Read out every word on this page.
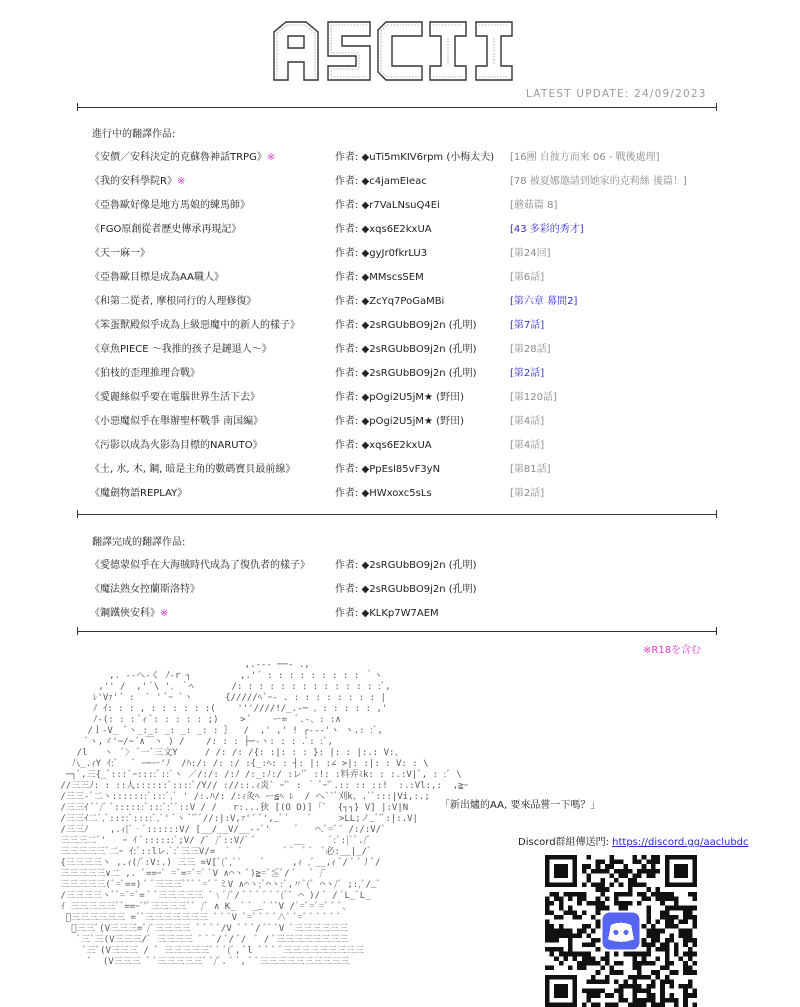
LATEST UPDATE: 24/09/2023
進行中的翻譯作品:
《安價／安科決定的克蘇魯神話TRPG》※	作者: ◆uTi5mKIV6rpm (小梅太夫) [16團 自彼方而來 06 - 戰後處理]
《我的安科學院R》※	作者: ◆c4jamEIeac	[78 被夏娜邀請到她家的克莉絲 後篇！]
《亞魯歐好像是地方馬娘的練馬師》	作者: ◆r7VaLNsuQ4Ei	[蘑菇篇 8]
《FGO原創從者歷史傳承再現記》	作者: ◆xqs6E2kxUA	[43 多彩的秀才]
《天一麻一》	作者: ◆gyJr0fkrLU3	[第24回]
《亞魯歐目標是成為AA職人》	作者: ◆MMscsSEM	[第6話]
《和第二從者, 摩根同行的人理修復》	作者: ◆ZcYq7PoGaMBi	[第六章 幕間2]
《笨蛋獸殿似乎成為上級惡魔中的新人的樣子》	作者: ◆2sRGUbBO9j2n (孔明)	[第7話]
《章魚PIECE ～我推的孩子是鏈退人～》	作者: ◆2sRGUbBO9j2n (孔明)	[第28話]
《狛枝的歪理推理合戰》	作者: ◆2sRGUbBO9j2n (孔明)	[第2話]
《愛麗絲似乎要在電腦世界生活下去》	作者: ◆pOgi2U5jM★ (野田)	[第120話]
《小惡魔似乎在舉辦聖杯戰爭 南国編》	作者: ◆pOgi2U5jM★ (野田)	[第4話]
《污影以成為火影為目標的NARUTO》	作者: ◆xqs6E2kxUA	[第4話]
《土, 水, 木, 鋼, 暗是主角的數碼寶貝最前線》	作者: ◆PpEsl85vF3yN	[第81話]
《魔劍物語REPLAY》	作者: ◆HWxoxc5sLs	[第2話]
翻譯完成的翻譯作品:
《愛德蒙似乎在大海賊時代成為了復仇者的樣子》	作者: ◆2sRGUbBO9j2n (孔明)
《魔法熟女控蘭斯洛特》	作者: ◆2sRGUbBO9j2n (孔明)
《鋼鐵俠安科》※	作者: ◆KLKp7W7AEM
※R18を含む
,.-‐- ──- .,
,. -‐ヘ-く ﾉ-r ┐         ,.'´ : : : : : : : : : ｀ヽ
,'' /  ,' ﾞ\ '､ ｀ﾍ       /: : : : : : : : : : : : : :ﾞ,
ﾚ'Vｧ'´ :  ` ' ﾞｰ `ヽ      {/////ﾍ`ｰ- . : : : : : : : : |
ﾉ ｲ: : : , : : : : : :(    '''////!/_.-─ 、: : : : : ,'
ﾉ-(: : : ﾞｨ ﾞ: : : : : ;)    >´    ー=  ﾞ.‐、: :∧
/ｌ-V_ ﾞヽ_:_: _: _: _: : ｝  /  ,' ,' ! ┌--‐'ヽ ヽ.: :ﾞ,
ﾞヽ,ゞ'~/~´∧￣ヽ ) /    /: : : ├─-ヽ: : : .ﾞ: :ﾞ,
/l   ヽ  ﾞ〉 ﾞ一ﾞ三文Y     / /: /: /{: :|: : : }: |: : |:.: V:、
八_.ｨY ｲ:ﾞ   ﾞ ｰ─ー'ﾉ  /ﾊ:/: /: :/ :{_:ﾍ: : ┤: |: :∠ >|: :|: : V: : \
─┐ﾞ,三{_ﾞ:::`ｰ::::ﾞ::ﾞヽ ／/:/: /:ﾉ /:_:ﾉ:/ :レ'ﾞ :!: :料弄ﾐk: : :.:V|ﾞ, : :ﾞ \
//三三ﾉ: : ::人::::::ﾞ::::ﾞ/Y// ://::.ｨ炎` ｰ'ﾞ : ｀ ﾞｰ'ﾞ.:: :: ::!  :.:Vl:,:  ,≧ｰ
/三三-ﾞ二ヽ:::::::ﾞ:::ﾞ,ﾞ ' /:.ﾊ/: /:ｨ灸ﾍ ー≦ﾍ ﾚ  / ヘ``ﾞ刈k、.`ﾞ:::|Vi,:.;
/三三ｲ ﾞﾞ/ﾞ ﾞ::::::ﾞ:::ﾞ:ﾞﾞ::V / /   r:...狄 [(O O)] ｢ﾞ  {┐┐} V] |:V|N
/三三ｲ二ﾞ,ﾞ::::ﾞ::::ﾞ,ﾞ' ﾞヽ ﾞ'ﾞﾞ//:|:V,ｧ'´ ﾞ',_ﾞ´    ﾞ     >LL;ノ_ﾞ'ﾞ:|:.V|
/三三ﾉ    ,.ｨ{ﾞ‐ﾞ::::::V/ [__/__V/__--ﾞ'     ﾞ   ⌒.ﾞ=ﾞ´ /:/:V/ﾞ
三三三二ﾞ'   ｰ ｲ ﾞ::::::ﾞ;V/ /ﾞ /ﾞ::V/ﾞ ﾞ       __     ﾞ:ﾞ:|ﾞﾞ./ﾞ
三三三三三ﾞ二ｰ ｲ:ﾞ::lレ.ﾞ:ﾞ三三V/=  ﾞ  ﾞ        ﾞ ﾞ  ﾞ ﾞ  ﾞ必:__|_/ﾞ
{三三三三ヽ ,.ｨ(/ﾞ:V:.) 三三 =V[ﾞ(ﾞ,ﾞ`    ﾞ     ,ｨ ,ﾞ__,ｨ ﾞ/ ﾞ ﾞ丿ﾞ/
三三三三三∨二 ,. ﾞ==ｰﾞ =ﾞ==ﾞ=ﾞ ﾞV ∧⌒ヽ ﾞ)≧=ﾞ≦ﾞ/ ﾞ   ﾞ /ﾞ
三三三三三(ﾞ=ﾞ==) ﾞ ﾞ三三三ﾞﾞﾞ ﾞ=ﾞ ﾞミV ∧⌒ヽ;ﾞ⌒ヽ:ﾞ,〃ﾞ(ﾞ ⌒ヽ/ﾞ ;:,ﾞ/_ﾞ
/三三三三ヽﾞﾞ=ﾞ=ﾞ= ﾞ ﾞ三三三三三 ﾞ﹨ﾞ/ﾞ/ ﾞ ﾞ ﾞ ﾞ ﾞ ﾞ(ﾞﾞ ⌒ )/ ﾞ / ﾞL_ﾞL_
ｲ 三三三三三ﾞﾞ==ｰﾞ'ﾞ三三三三ﾞﾞ /ﾞ ∧ K_ ﾞ ﾞ__ﾞ ﾞﾞV /ﾞ=ﾞ=ﾞ=ﾞ ﾞ ﾞ、
ﾞ三三三三三三 =ﾞﾞ三三三三三三三 ﾞ ﾞ ﾞV ﾞ=ﾞ ﾞ ﾞ ﾞ∧ﾞ ﾞ=ﾞ ﾞ ﾞ ﾞ ﾞ ﾞ
ﾞ三三ﾞ(V三三三=ﾞ/ﾞ三三三三 ﾞ ﾞ ﾞ ﾞ/V ﾞ ﾞ ﾞ/ ﾞﾞ ﾞV ﾞ三三三三三三
ﾞ三ﾞ三(V三三三/ﾞ 三三三三 ﾞ ﾞ ﾞ/ ﾞ/ ﾞ/  ﾞ / ﾞ三三三三三三三三
ﾞ三ﾞ(V三三三 / ﾞ 三三三三三ﾞ ﾞ ﾞ(ﾞ, ﾞl ﾞ ﾞ ﾞ ﾞ三三三三三三三三三
ﾞ  (V三三三 ﾞ ﾞ三三三三三ﾞ ﾞ/ﾞ. ﾞ ﾞ, ﾞ ﾞ三三三三三三三三三三

「新出爐的AA, 要來品嘗一下嗎？」
Discord群組傳送門: https://discord.gg/aaclubdc
